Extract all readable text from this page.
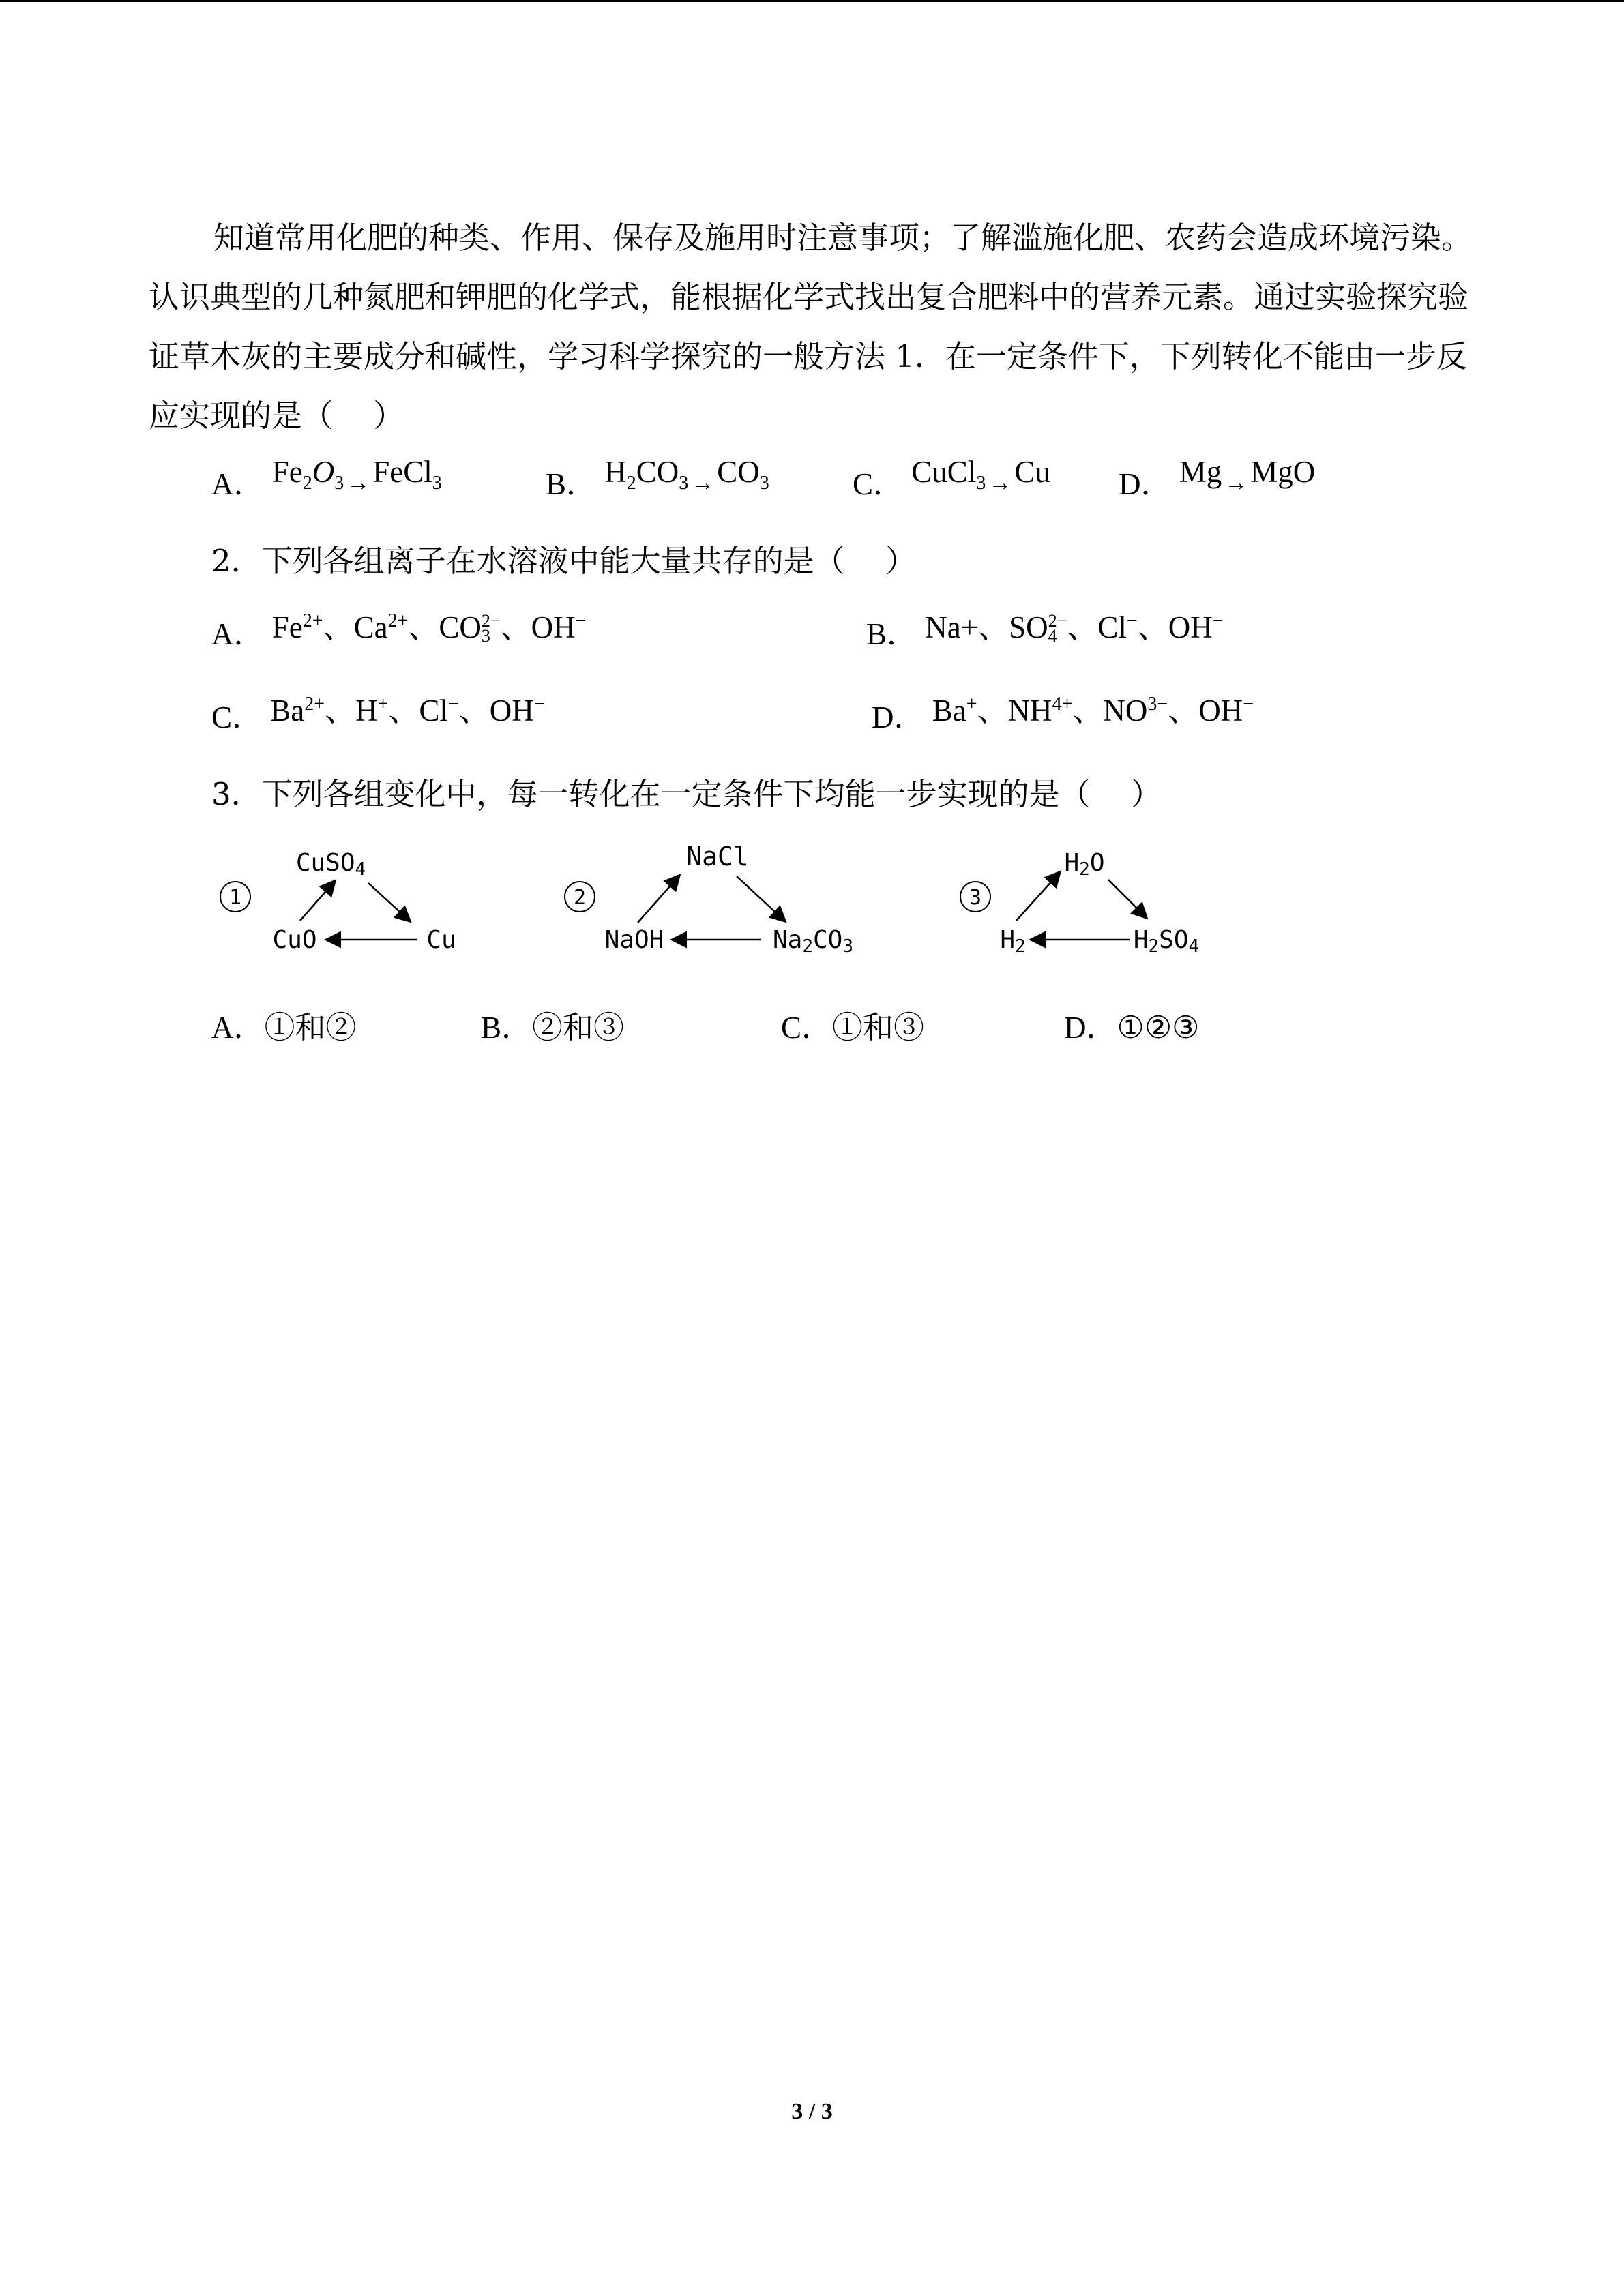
知道常用化肥的种类、作用、保存及施用时注意事项；了解滥施化肥、农药会造成环境污染。认识典型的几种氮肥和钾肥的化学式，能根据化学式找出复合肥料中的营养元素。通过实验探究验证草木灰的主要成分和碱性，学习科学探究的一般方法 1．在一定条件下，下列转化不能由一步反应实现的是（　 ）
A． $Fe_2O_3$ $_\to$FeCl$_3$	B． $H_2CO_3$ $_\to CO_3$	C． CuCl$_3$ $_\to$Cu D． Mg $_\to$MgO
2．下列各组离子在水溶液中能大量共存的是（　 ）
A． $Fe^{2+}$、$Ca^{2+}$、CO 2−
3 、OH−	B． Na+、SO 2−
4 、Cl−、OH−
C． $Ba^{2+}$、H+、Cl−、OH−	D． Ba+、$NH^{4+}$、$NO^{3-}$、OH−
3．下列各组变化中，每一转化在一定条件下均能一步实现的是（　 ）
1
CuSO4
CuO	Cu
2
NaCl
NaOH	Na2CO3
3
H2O
H2	H2SO4
A．①和②	B．②和③	C．①和③	D．①②③
3 / 3
